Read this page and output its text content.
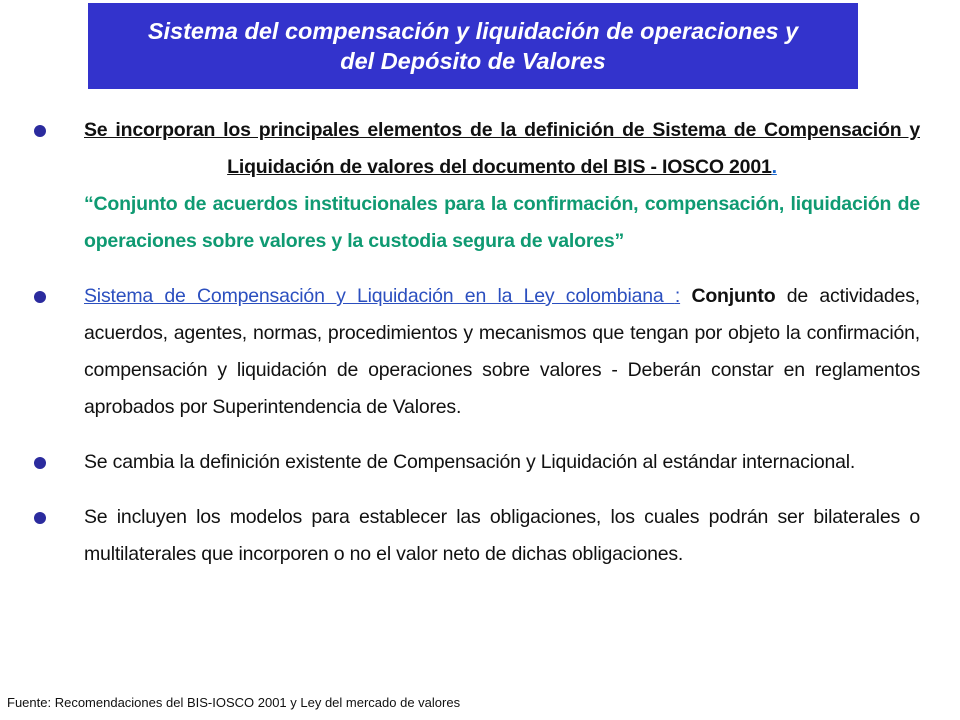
Sistema del compensación y liquidación de operaciones y
del Depósito de Valores
Se incorporan los principales elementos de la definición de Sistema de Compensación y Liquidación de valores del documento del BIS - IOSCO 2001.
“Conjunto de acuerdos institucionales para la confirmación, compensación, liquidación de operaciones sobre valores y la custodia segura de valores”
Sistema de Compensación y Liquidación en la Ley colombiana : Conjunto de actividades, acuerdos, agentes, normas, procedimientos y mecanismos que tengan por objeto la confirmación, compensación y liquidación de operaciones sobre valores - Deberán constar en reglamentos aprobados por Superintendencia de Valores.
Se cambia la definición existente de Compensación y Liquidación al estándar internacional.
Se incluyen los modelos para establecer las obligaciones, los cuales podrán ser bilaterales o multilaterales que incorporen o no el valor neto de dichas obligaciones.
Fuente: Recomendaciones del BIS-IOSCO 2001 y Ley del mercado de valores
